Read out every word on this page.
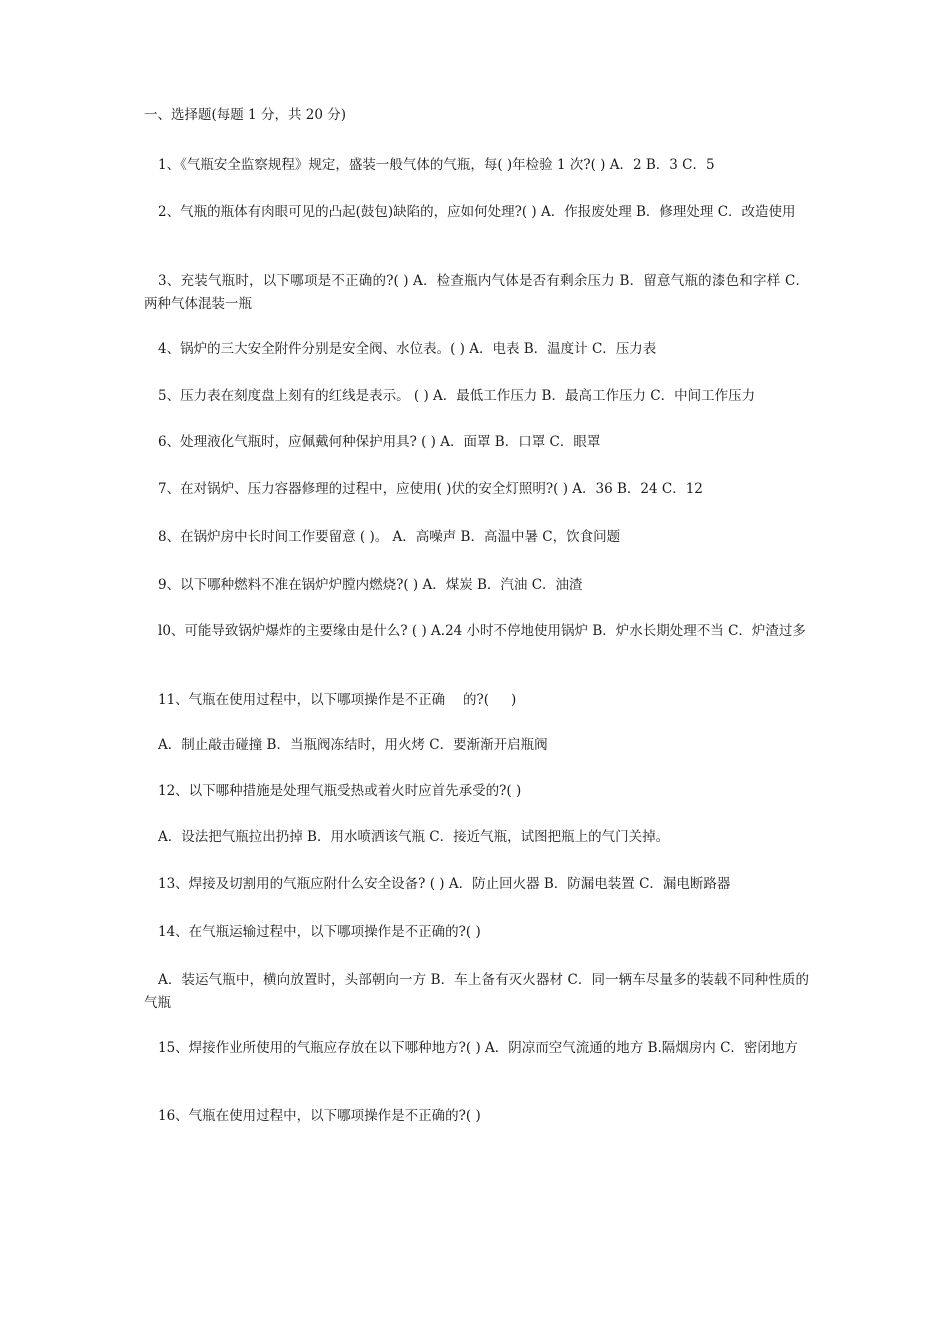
一、选择题(每题 1 分，共 20 分)
1、《气瓶安全监察规程》规定，盛装一般气体的气瓶，每( )年检验 1 次?( ) A．2 B．3 C．5
2、气瓶的瓶体有肉眼可见的凸起(鼓包)缺陷的，应如何处理?( ) A．作报废处理 B．修理处理 C．改造使用
3、充装气瓶时，以下哪项是不正确的?( ) A．检查瓶内气体是否有剩余压力 B．留意气瓶的漆色和字样 C．两种气体混装一瓶
4、锅炉的三大安全附件分别是安全阀、水位表。( ) A．电表 B．温度计 C．压力表
5、压力表在刻度盘上刻有的红线是表示。 ( ) A．最低工作压力 B．最高工作压力 C．中间工作压力
6、处理液化气瓶时，应佩戴何种保护用具? ( ) A．面罩 B．口罩 C．眼罩
7、在对锅炉、压力容器修理的过程中，应使用( )伏的安全灯照明?( ) A．36 B．24 C．12
8、在锅炉房中长时间工作要留意 ( )。 A．高噪声 B．高温中暑 C，饮食问题
9、以下哪种燃料不准在锅炉炉膛内燃烧?( ) A．煤炭 B．汽油 C．油渣
l0、可能导致锅炉爆炸的主要缘由是什么? ( ) A.24 小时不停地使用锅炉 B．炉水长期处理不当 C．炉渣过多
11、气瓶在使用过程中，以下哪项操作是不正确 　的?( 　 )
A．制止敲击碰撞 B．当瓶阀冻结时，用火烤 C．要渐渐开启瓶阀
12、以下哪种措施是处理气瓶受热或着火时应首先承受的?( )
A．设法把气瓶拉出扔掉 B．用水喷洒该气瓶 C．接近气瓶，试图把瓶上的气门关掉。
13、焊接及切割用的气瓶应附什么安全设备? ( ) A．防止回火器 B．防漏电装置 C．漏电断路器
14、在气瓶运输过程中，以下哪项操作是不正确的?( )
A．装运气瓶中，横向放置时，头部朝向一方 B．车上备有灭火器材 C．同一辆车尽量多的装载不同种性质的气瓶
15、焊接作业所使用的气瓶应存放在以下哪种地方?( ) A．阴凉而空气流通的地方 B.隔烟房内 C．密闭地方
16、气瓶在使用过程中，以下哪项操作是不正确的?( )
